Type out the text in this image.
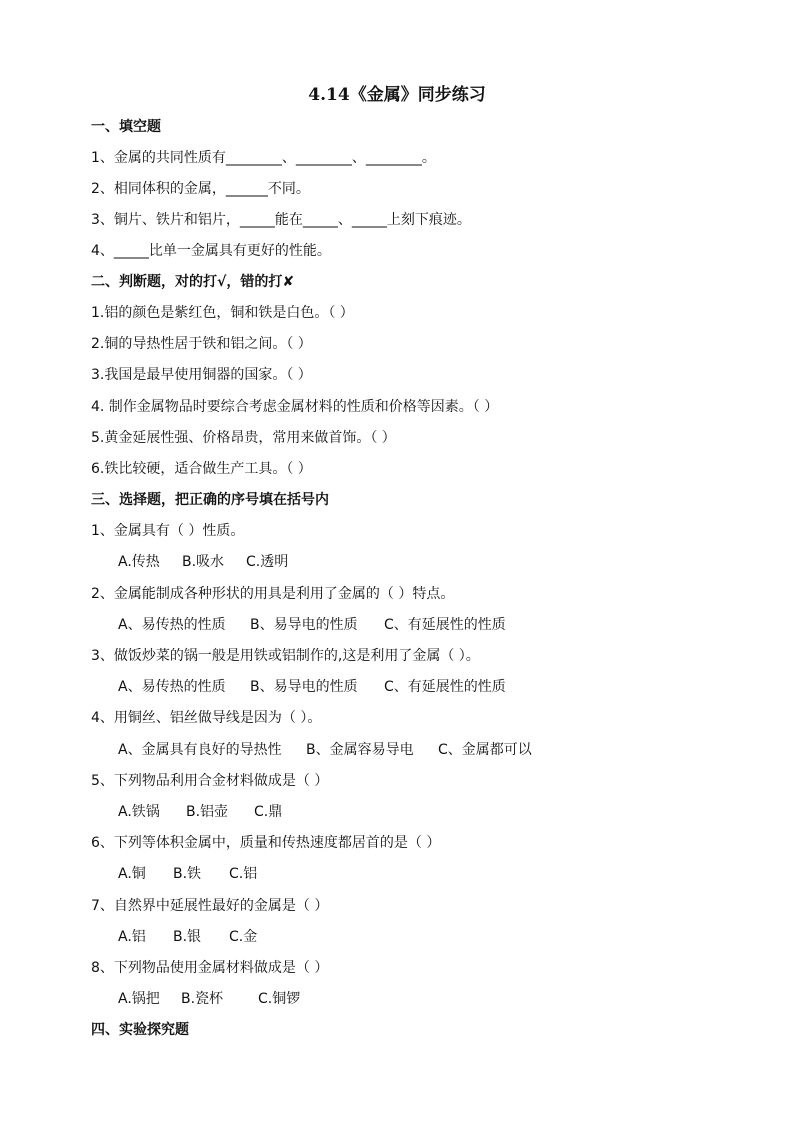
4.14《金属》同步练习
一、填空题
1、金属的共同性质有________、________、________。
2、相同体积的金属，______不同。
3、铜片、铁片和铝片，_____能在_____、_____上刻下痕迹。
4、_____比单一金属具有更好的性能。
二、判断题，对的打√，错的打✘
1.铝的颜色是紫红色，铜和铁是白色。（ ）
2.铜的导热性居于铁和铝之间。（ ）
3.我国是最早使用铜器的国家。（ ）
4. 制作金属物品时要综合考虑金属材料的性质和价格等因素。（ ）
5.黄金延展性强、价格昂贵，常用来做首饰。（ ）
6.铁比较硬，适合做生产工具。（ ）
三、选择题，把正确的序号填在括号内
1、金属具有（ ）性质。
A.传热 B.吸水 C.透明
2、金属能制成各种形状的用具是利用了金属的（ ）特点。
A、易传热的性质 B、易导电的性质 C、有延展性的性质
3、做饭炒菜的锅一般是用铁或铝制作的,这是利用了金属（ ）。
A、易传热的性质 B、易导电的性质 C、有延展性的性质
4、用铜丝、铝丝做导线是因为（ ）。
A、金属具有良好的导热性 B、金属容易导电 C、金属都可以
5、下列物品利用合金材料做成是（ ）
A.铁锅 B.铝壶 C.鼎
6、下列等体积金属中，质量和传热速度都居首的是（ ）
A.铜 B.铁 C.铝
7、自然界中延展性最好的金属是（ ）
A.铝 B.银 C.金
8、下列物品使用金属材料做成是（ ）
A.锅把 B.瓷杯 C.铜锣
四、实验探究题
